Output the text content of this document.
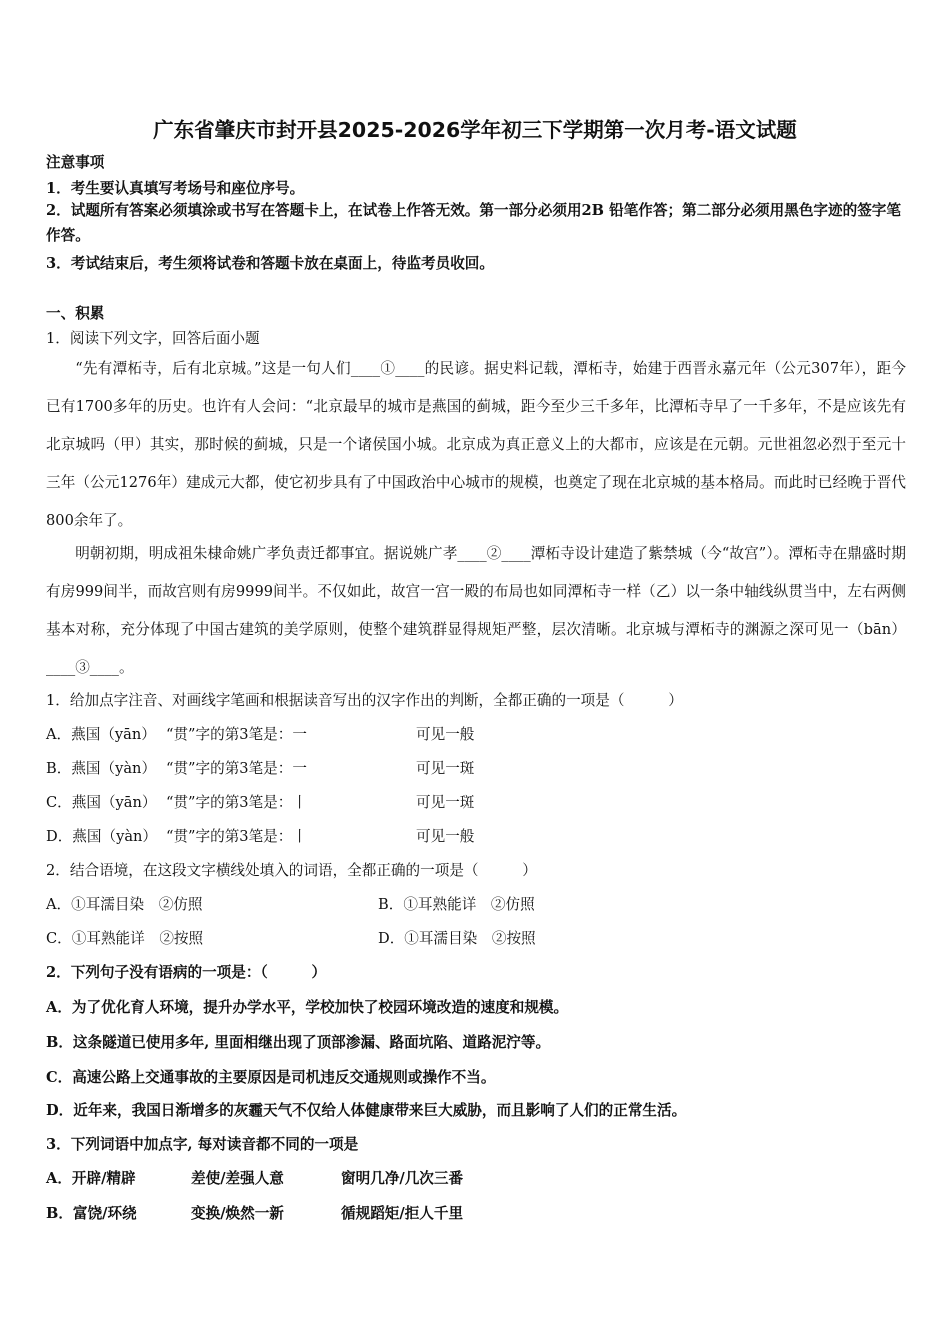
广东省肇庆市封开县2025-2026学年初三下学期第一次月考-语文试题
注意事项
1．考生要认真填写考场号和座位序号。

2．试题所有答案必须填涂或书写在答题卡上，在试卷上作答无效。第一部分必须用2B 铅笔作答；第二部分必须用黑色字迹的签字笔作答。

3．考试结束后，考生须将试卷和答题卡放在桌面上，待监考员收回。
一、积累
1．阅读下列文字，回答后面小题

“先有潭柘寺，后有北京城。”这是一句人们____①____的民谚。据史料记载，潭柘寺，始建于西晋永嘉元年（公元307年），距今已有1700多年的历史。也许有人会问：“北京最早的城市是燕国的蓟城，距今至少三千多年，比潭柘寺早了一千多年，不是应该先有北京城吗（甲）其实，那时候的蓟城，只是一个诸侯国小城。北京成为真正意义上的大都市，应该是在元朝。元世祖忽必烈于至元十三年（公元1276年）建成元大都，使它初步具有了中国政治中心城市的规模，也奠定了现在北京城的基本格局。而此时已经晚于晋代800余年了。

明朝初期，明成祖朱棣命姚广孝负责迁都事宜。据说姚广孝____②____潭柘寺设计建造了紫禁城（今“故宫”）。潭柘寺在鼎盛时期有房999间半，而故宫则有房9999间半。不仅如此，故宫一宫一殿的布局也如同潭柘寺一样（乙）以一条中轴线纵贯当中，左右两侧基本对称，充分体现了中国古建筑的美学原则，使整个建筑群显得规矩严整，层次清晰。北京城与潭柘寺的渊源之深可见一（bān）____③____。

1．给加点字注音、对画线字笔画和根据读音写出的汉字作出的判断，全都正确的一项是（　　　）
A．燕国（yān） “贯”字的第3笔是：一	可见一般
B．燕国（yàn） “贯”字的第3笔是：一	可见一斑
C．燕国（yān） “贯”字的第3笔是：丨	可见一斑
D．燕国（yàn） “贯”字的第3笔是：丨	可见一般
2．结合语境，在这段文字横线处填入的词语，全都正确的一项是（　　　）
A．①耳濡目染　②仿照	B．①耳熟能详　②仿照
C．①耳熟能详　②按照	D．①耳濡目染　②按照
2．下列句子没有语病的一项是：（　　　）
A．为了优化育人环境，提升办学水平，学校加快了校园环境改造的速度和规模。
B．这条隧道已使用多年, 里面相继出现了顶部渗漏、路面坑陷、道路泥泞等。
C．高速公路上交通事故的主要原因是司机违反交通规则或操作不当。
D．近年来，我国日渐增多的灰霾天气不仅给人体健康带来巨大威胁，而且影响了人们的正常生活。
3．下列词语中加点字, 每对读音都不同的一项是
A．开辟/精辟	差使/差强人意	窗明几净/几次三番
B．富饶/环绕	变换/焕然一新	循规蹈矩/拒人千里
